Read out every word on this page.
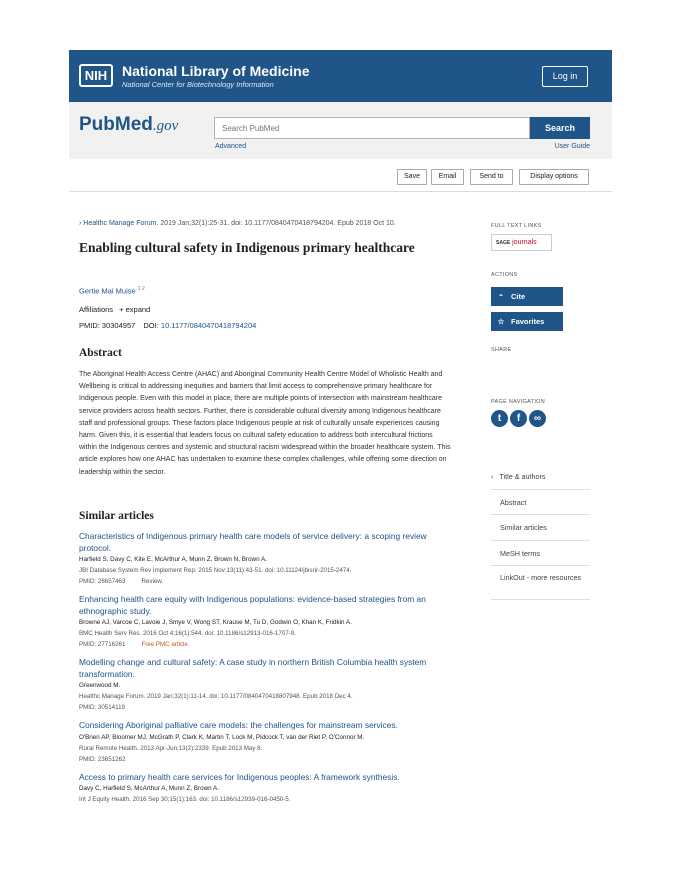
NIH	National Library of Medicine
National Center for Biotechnology Information
Log in
PubMed.gov
Search PubMed	Search
Advanced	User Guide
Save	Email	Send to	Display options
› Healthc Manage Forum. 2019 Jan;32(1):25-31. doi: 10.1177/0840470418794204. Epub 2018 Oct 10.
Enabling cultural safety in Indigenous primary healthcare
Gertie Mai Muise $^{1 2}$
Affiliations + expand
PMID: 30304957 DOI: 10.1177/0840470418794204
Abstract
The Aboriginal Health Access Centre (AHAC) and Aboriginal Community Health Centre Model of Wholistic Health and Wellbeing is critical to addressing inequities and barriers that limit access to comprehensive primary healthcare for Indigenous people. Even with this model in place, there are multiple points of intersection with mainstream healthcare service providers across health sectors. Further, there is considerable cultural diversity among Indigenous healthcare staff and professional groups. These factors place Indigenous people at risk of culturally unsafe experiences causing harm. Given this, it is essential that leaders focus on cultural safety education to address both intercultural frictions within the Indigenous centres and systemic and structural racism widespread within the broader healthcare system. This article explores how one AHAC has undertaken to examine these complex challenges, while offering some direction on leadership within the sector.
Similar articles
Characteristics of Indigenous primary health care models of service delivery: a scoping review protocol.
Harfield S, Davy C, Kite E, McArthur A, Munn Z, Brown N, Brown A.
JBI Database System Rev Implement Rep. 2015 Nov;13(11):43-51. doi: 10.11124/jbisrir-2015-2474.
PMID: 26657463	Review.
Enhancing health care equity with Indigenous populations: evidence-based strategies from an ethnographic study.
Browne AJ, Varcoe C, Lavoie J, Smye V, Wong ST, Krause M, Tu D, Godwin O, Khan K, Fridkin A.
BMC Health Serv Res. 2016 Oct 4;16(1):544. doi: 10.1186/s12913-016-1707-9.
PMID: 27716261	Free PMC article.
Modelling change and cultural safety: A case study in northern British Columbia health system transformation.
Greenwood M.
Healthc Manage Forum. 2019 Jan;32(1):11-14. doi: 10.1177/0840470418807948. Epub 2018 Dec 4.
PMID: 30514119
Considering Aboriginal palliative care models: the challenges for mainstream services.
O'Brien AP, Bloomer MJ, McGrath P, Clark K, Martin T, Lock M, Pidcock T, van der Riet P, O'Connor M.
Rural Remote Health. 2013 Apr-Jun;13(2):2339. Epub 2013 May 8.
PMID: 23651262
Access to primary health care services for Indigenous peoples: A framework synthesis.
Davy C, Harfield S, McArthur A, Munn Z, Brown A.
Int J Equity Health. 2016 Sep 30;15(1):163. doi: 10.1186/s12939-016-0450-5.
FULL TEXT LINKS
SAGE journals
ACTIONS
“ Cite
☆ Favorites
SHARE
t	f	∞
PAGE NAVIGATION
‹ Title & authors
Abstract
Similar articles
MeSH terms
LinkOut - more resources
